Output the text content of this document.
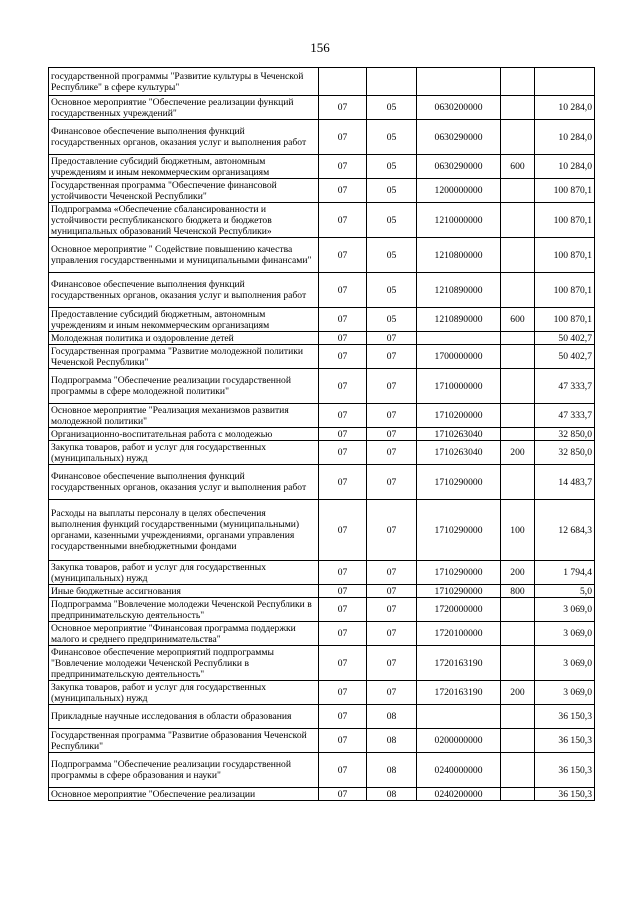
156
государственной программы "Развитие культуры в Чеченской Республике" в сфере культуры"					
Основное мероприятие "Обеспечение реализации функций государственных учреждений"	07	05	0630200000		10 284,0
Финансовое обеспечение выполнения функций государственных органов, оказания услуг и выполнения работ	07	05	0630290000		10 284,0
Предоставление субсидий бюджетным, автономным учреждениям и иным некоммерческим организациям	07	05	0630290000	600	10 284,0
Государственная программа "Обеспечение финансовой устойчивости Чеченской Республики"	07	05	1200000000		100 870,1
Подпрограмма «Обеспечение сбалансированности и устойчивости республиканского бюджета и бюджетов муниципальных образований Чеченской Республики»	07	05	1210000000		100 870,1
Основное мероприятие " Содействие повышению качества управления государственными и муниципальными финансами"	07	05	1210800000		100 870,1
Финансовое обеспечение выполнения функций государственных органов, оказания услуг и выполнения работ	07	05	1210890000		100 870,1
Предоставление субсидий бюджетным, автономным учреждениям и иным некоммерческим организациям	07	05	1210890000	600	100 870,1
Молодежная политика и оздоровление детей	07	07			50 402,7
Государственная программа "Развитие молодежной политики Чеченской Республики"	07	07	1700000000		50 402,7
Подпрограмма "Обеспечение реализации государственной программы в сфере молодежной политики"	07	07	1710000000		47 333,7
Основное мероприятие "Реализация механизмов развития молодежной политики"	07	07	1710200000		47 333,7
Организационно-воспитательная работа с молодежью	07	07	1710263040		32 850,0
Закупка товаров, работ и услуг для государственных (муниципальных) нужд	07	07	1710263040	200	32 850,0
Финансовое обеспечение выполнения функций государственных органов, оказания услуг и выполнения работ	07	07	1710290000		14 483,7
Расходы на выплаты персоналу в целях обеспечения выполнения функций государственными (муниципальными) органами, казенными учреждениями, органами управления государственными внебюджетными фондами	07	07	1710290000	100	12 684,3
Закупка товаров, работ и услуг для государственных (муниципальных) нужд	07	07	1710290000	200	1 794,4
Иные бюджетные ассигнования	07	07	1710290000	800	5,0
Подпрограмма "Вовлечение молодежи Чеченской Республики в предпринимательскую деятельность"	07	07	1720000000		3 069,0
Основное мероприятие "Финансовая программа поддержки малого и среднего предпринимательства"	07	07	1720100000		3 069,0
Финансовое обеспечение мероприятий подпрограммы "Вовлечение молодежи Чеченской Республики в предпринимательскую деятельность"	07	07	1720163190		3 069,0
Закупка товаров, работ и услуг для государственных (муниципальных) нужд	07	07	1720163190	200	3 069,0
Прикладные научные исследования в области образования	07	08			36 150,3
Государственная программа "Развитие образования Чеченской Республики"	07	08	0200000000		36 150,3
Подпрограмма "Обеспечение реализации государственной программы в сфере образования и науки"	07	08	0240000000		36 150,3
Основное мероприятие "Обеспечение реализации	07	08	0240200000		36 150,3
